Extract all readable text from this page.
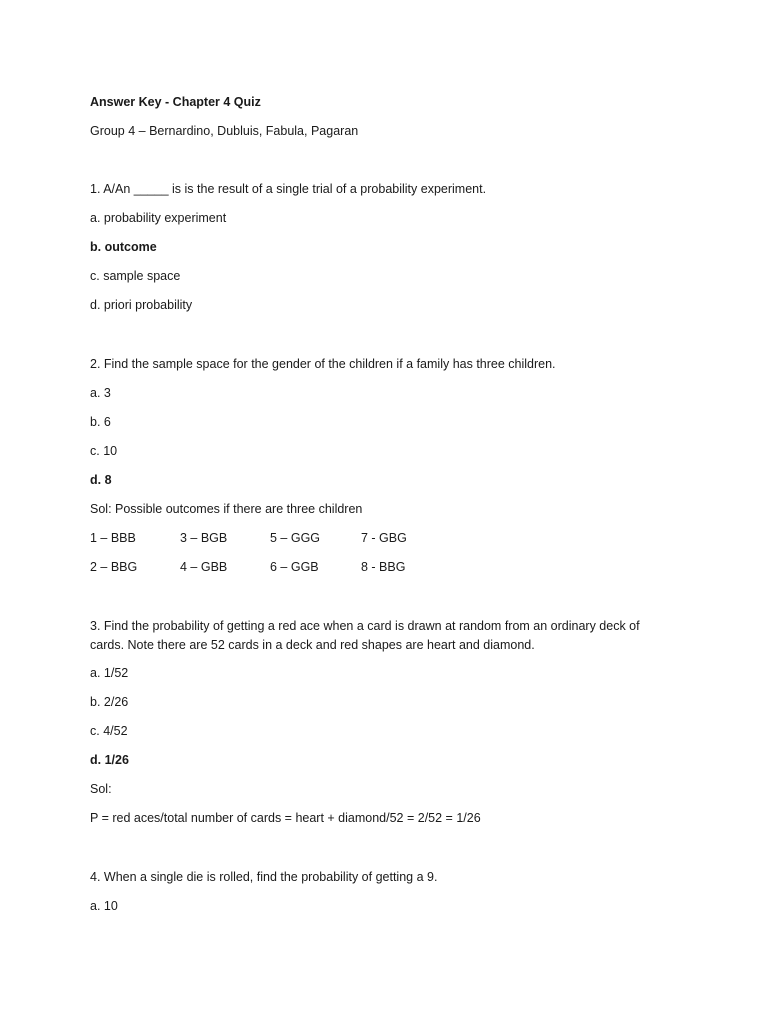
Answer Key - Chapter 4 Quiz
Group 4 – Bernardino, Dubluis, Fabula, Pagaran
1. A/An _____ is is the result of a single trial of a probability experiment.
a. probability experiment
b. outcome
c. sample space
d. priori probability
2. Find the sample space for the gender of the children if a family has three children.
a. 3
b. 6
c. 10
d. 8
Sol: Possible outcomes if there are three children
1 – BBB	3 – BGB	5 – GGG	7 - GBG
2 – BBG	4 – GBB	6 – GGB	8 - BBG
3. Find the probability of getting a red ace when a card is drawn at random from an ordinary deck of
cards. Note there are 52 cards in a deck and red shapes are heart and diamond.
a. 1/52
b. 2/26
c. 4/52
d. 1/26
Sol:
P = red aces/total number of cards = heart + diamond/52 = 2/52 = 1/26
4. When a single die is rolled, find the probability of getting a 9.
a. 10
